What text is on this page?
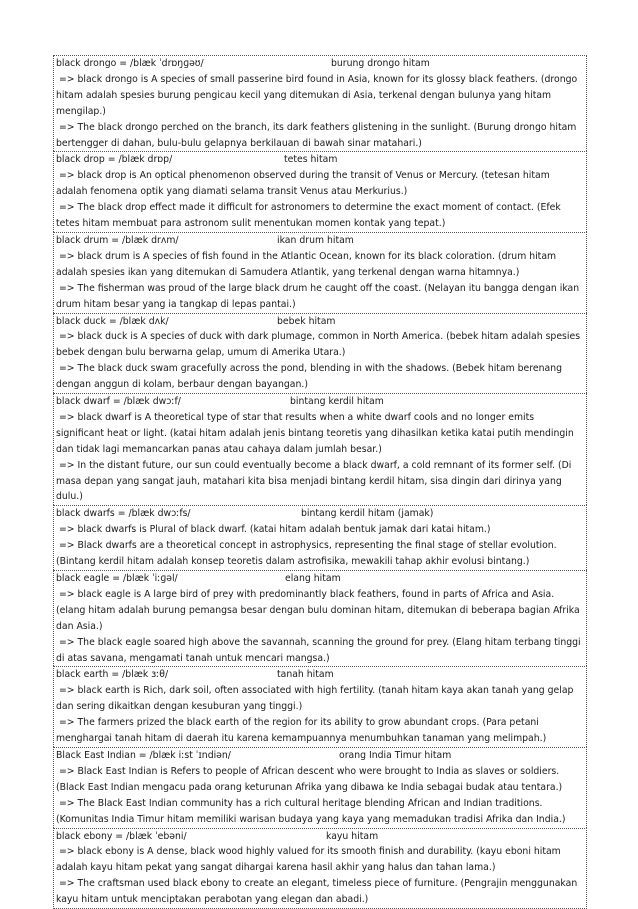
black drongo = /blæk ˈdrɒŋɡəʊ/	burung drongo hitam
=> black drongo is A species of small passerine bird found in Asia, known for its glossy black feathers. (drongo hitam adalah spesies burung pengicau kecil yang ditemukan di Asia, terkenal dengan bulunya yang hitam mengilap.)
=> The black drongo perched on the branch, its dark feathers glistening in the sunlight. (Burung drongo hitam bertengger di dahan, bulu-bulu gelapnya berkilauan di bawah sinar matahari.)
black drop = /blæk drɒp/	tetes hitam
=> black drop is An optical phenomenon observed during the transit of Venus or Mercury. (tetesan hitam adalah fenomena optik yang diamati selama transit Venus atau Merkurius.)
=> The black drop effect made it difficult for astronomers to determine the exact moment of contact. (Efek tetes hitam membuat para astronom sulit menentukan momen kontak yang tepat.)
black drum = /blæk drʌm/	ikan drum hitam
=> black drum is A species of fish found in the Atlantic Ocean, known for its black coloration. (drum hitam adalah spesies ikan yang ditemukan di Samudera Atlantik, yang terkenal dengan warna hitamnya.)
=> The fisherman was proud of the large black drum he caught off the coast. (Nelayan itu bangga dengan ikan drum hitam besar yang ia tangkap di lepas pantai.)
black duck = /blæk dʌk/	bebek hitam
=> black duck is A species of duck with dark plumage, common in North America. (bebek hitam adalah spesies bebek dengan bulu berwarna gelap, umum di Amerika Utara.)
=> The black duck swam gracefully across the pond, blending in with the shadows. (Bebek hitam berenang dengan anggun di kolam, berbaur dengan bayangan.)
black dwarf = /blæk dwɔːf/	bintang kerdil hitam
=> black dwarf is A theoretical type of star that results when a white dwarf cools and no longer emits significant heat or light. (katai hitam adalah jenis bintang teoretis yang dihasilkan ketika katai putih mendingin dan tidak lagi memancarkan panas atau cahaya dalam jumlah besar.)
=> In the distant future, our sun could eventually become a black dwarf, a cold remnant of its former self. (Di masa depan yang sangat jauh, matahari kita bisa menjadi bintang kerdil hitam, sisa dingin dari dirinya yang dulu.)
black dwarfs = /blæk dwɔːfs/	bintang kerdil hitam (jamak)
=> black dwarfs is Plural of black dwarf. (katai hitam adalah bentuk jamak dari katai hitam.)
=> Black dwarfs are a theoretical concept in astrophysics, representing the final stage of stellar evolution. (Bintang kerdil hitam adalah konsep teoretis dalam astrofisika, mewakili tahap akhir evolusi bintang.)
black eagle = /blæk ˈiːɡəl/	elang hitam
=> black eagle is A large bird of prey with predominantly black feathers, found in parts of Africa and Asia. (elang hitam adalah burung pemangsa besar dengan bulu dominan hitam, ditemukan di beberapa bagian Afrika dan Asia.)
=> The black eagle soared high above the savannah, scanning the ground for prey. (Elang hitam terbang tinggi di atas savana, mengamati tanah untuk mencari mangsa.)
black earth = /blæk ɜːθ/	tanah hitam
=> black earth is Rich, dark soil, often associated with high fertility. (tanah hitam kaya akan tanah yang gelap dan sering dikaitkan dengan kesuburan yang tinggi.)
=> The farmers prized the black earth of the region for its ability to grow abundant crops. (Para petani menghargai tanah hitam di daerah itu karena kemampuannya menumbuhkan tanaman yang melimpah.)
Black East Indian = /blæk iːst ˈɪndiən/	orang India Timur hitam
=> Black East Indian is Refers to people of African descent who were brought to India as slaves or soldiers. (Black East Indian mengacu pada orang keturunan Afrika yang dibawa ke India sebagai budak atau tentara.)
=> The Black East Indian community has a rich cultural heritage blending African and Indian traditions. (Komunitas India Timur hitam memiliki warisan budaya yang kaya yang memadukan tradisi Afrika dan India.)
black ebony = /blæk ˈebəni/	kayu hitam
=> black ebony is A dense, black wood highly valued for its smooth finish and durability. (kayu eboni hitam adalah kayu hitam pekat yang sangat dihargai karena hasil akhir yang halus dan tahan lama.)
=> The craftsman used black ebony to create an elegant, timeless piece of furniture. (Pengrajin menggunakan kayu hitam untuk menciptakan perabotan yang elegan dan abadi.)
